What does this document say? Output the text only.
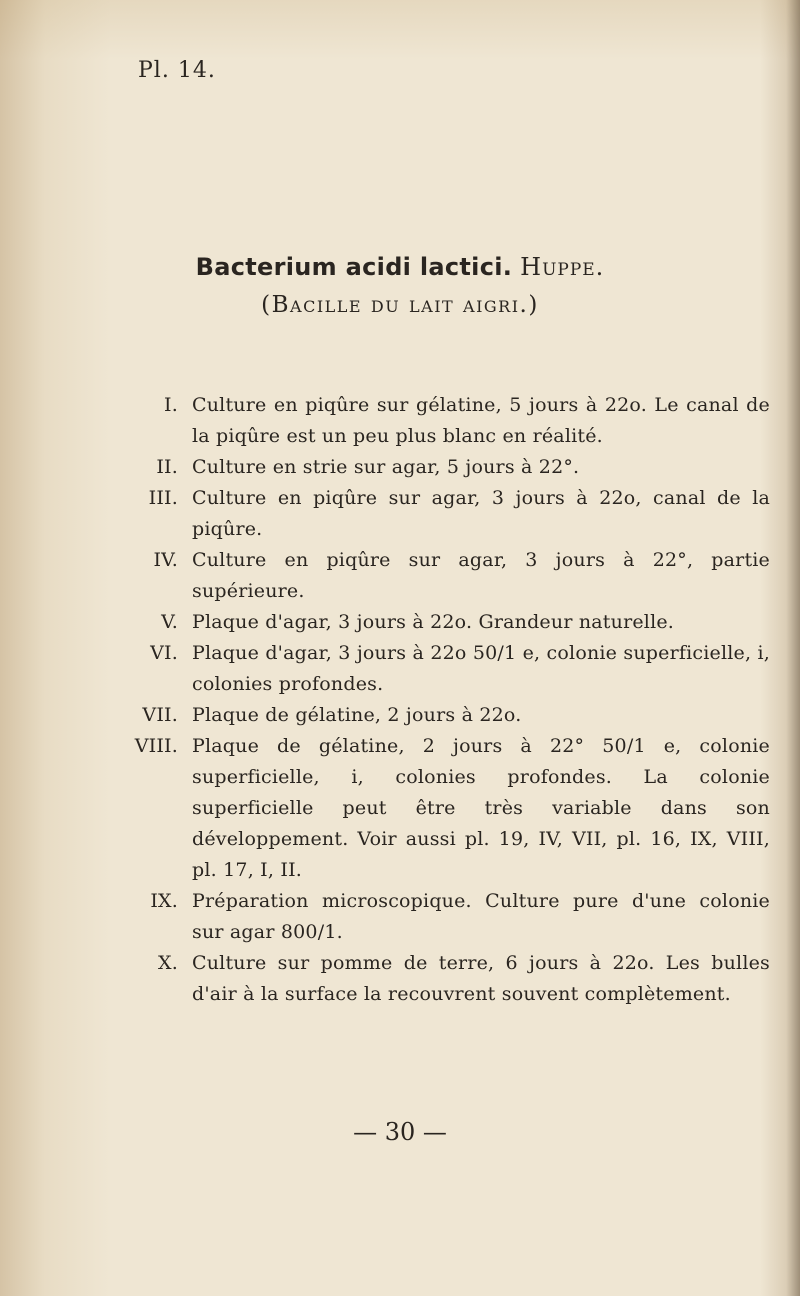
Pl. 14.

Bacterium acidi lactici. Huppe.

(Bacille du lait aigri.)

I .	Culture en piqûre sur gélatine, 5 jours à 22o. Le canal de la piqûre est un peu plus blanc en réalité.

II .	Culture en strie sur agar, 5 jours à 22°.

III .	Culture en piqûre sur agar, 3 jours à 22o, canal de la piqûre.

IV .	Culture en piqûre sur agar, 3 jours à 22°, partie supérieure.

V .	Plaque d'agar, 3 jours à 22o. Grandeur naturelle.

VI .	Plaque d'agar, 3 jours à 22o 50/1 e, colonie superficielle, i, colonies profondes.

VII .	Plaque de gélatine, 2 jours à 22o.

VIII .	Plaque de gélatine, 2 jours à 22° 50/1 e, colonie superficielle, i, colonies profondes. La colonie superficielle peut être très variable dans son développement. Voir aussi pl. 19, IV, VII, pl. 16, IX, VIII, pl. 17, I, II.

IX .	Préparation microscopique. Culture pure d'une colonie sur agar 800/1.

X .	Culture sur pomme de terre, 6 jours à 22o. Les bulles d'air à la surface la recouvrent souvent complètement.

— 30 —
